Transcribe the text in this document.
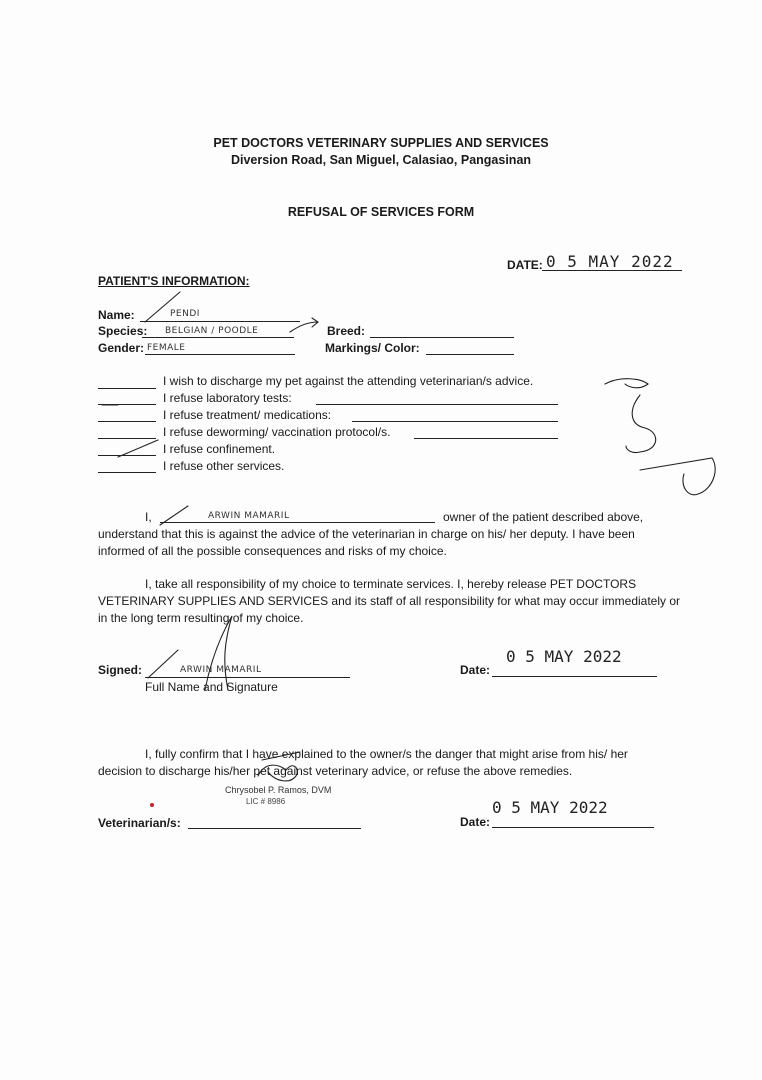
PET DOCTORS VETERINARY SUPPLIES AND SERVICES
Diversion Road, San Miguel, Calasiao, Pangasinan
REFUSAL OF SERVICES FORM
DATE: 0 5 MAY 2022
PATIENT'S INFORMATION:
Name:	PENDI
Species: BELGIAN / POODLE	Breed:
Gender: FEMALE	Markings/ Color:
I wish to discharge my pet against the attending veterinarian/s advice.
I refuse laboratory tests:
I refuse treatment/ medications:
I refuse deworming/ vaccination protocol/s.
I refuse confinement.
I refuse other services.
I,	ARWIN MAMARIL	owner of the patient described above,
understand that this is against the advice of the veterinarian in charge on his/ her deputy. I have been
informed of all the possible consequences and risks of my choice.
I, take all responsibility of my choice to terminate services. I, hereby release PET DOCTORS
VETERINARY SUPPLIES AND SERVICES and its staff of all responsibility for what may occur immediately or
in the long term resulting of my choice.
Signed:	ARWIN MAMARIL
Full Name and Signature
Date:
0 5 MAY 2022
I, fully confirm that I have explained to the owner/s the danger that might arise from his/ her
decision to discharge his/her pet against veterinary advice, or refuse the above remedies.
Chrysobel P. Ramos, DVM
LIC # 8986
Veterinarian/s:	Date:
0 5 MAY 2022
